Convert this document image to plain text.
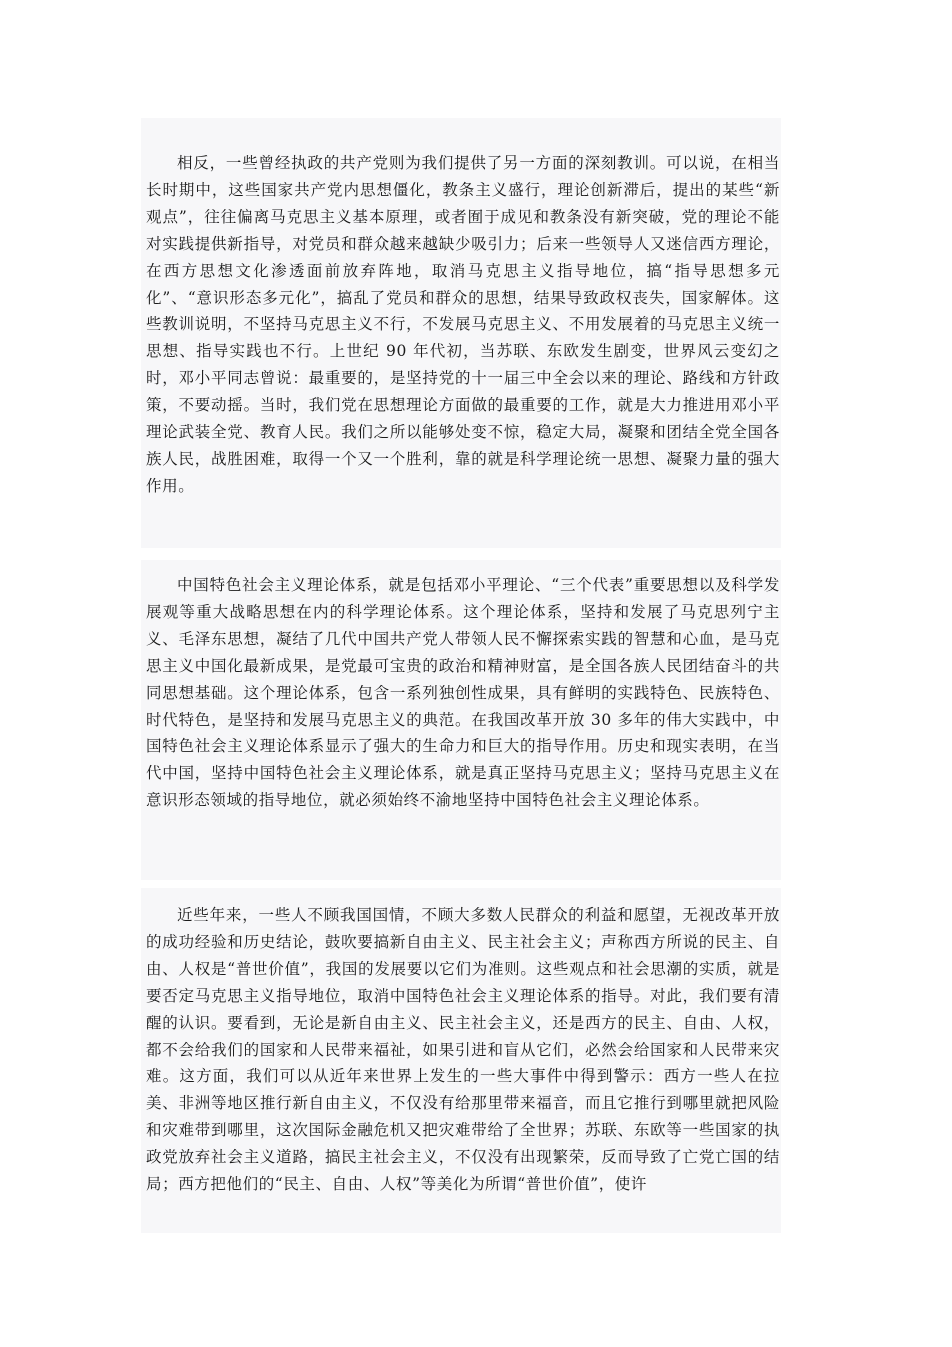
相反，一些曾经执政的共产党则为我们提供了另一方面的深刻教训。可以说，在相当长时期中，这些国家共产党内思想僵化，教条主义盛行，理论创新滞后，提出的某些“新观点”，往往偏离马克思主义基本原理，或者囿于成见和教条没有新突破，党的理论不能对实践提供新指导，对党员和群众越来越缺少吸引力；后来一些领导人又迷信西方理论，在西方思想文化渗透面前放弃阵地，取消马克思主义指导地位，搞“指导思想多元化”、“意识形态多元化”，搞乱了党员和群众的思想，结果导致政权丧失，国家解体。这些教训说明，不坚持马克思主义不行，不发展马克思主义、不用发展着的马克思主义统一思想、指导实践也不行。上世纪 90 年代初，当苏联、东欧发生剧变，世界风云变幻之时，邓小平同志曾说：最重要的，是坚持党的十一届三中全会以来的理论、路线和方针政策，不要动摇。当时，我们党在思想理论方面做的最重要的工作，就是大力推进用邓小平理论武装全党、教育人民。我们之所以能够处变不惊，稳定大局，凝聚和团结全党全国各族人民，战胜困难，取得一个又一个胜利，靠的就是科学理论统一思想、凝聚力量的强大作用。

中国特色社会主义理论体系，就是包括邓小平理论、“三个代表”重要思想以及科学发展观等重大战略思想在内的科学理论体系。这个理论体系，坚持和发展了马克思列宁主义、毛泽东思想，凝结了几代中国共产党人带领人民不懈探索实践的智慧和心血，是马克思主义中国化最新成果，是党最可宝贵的政治和精神财富，是全国各族人民团结奋斗的共同思想基础。这个理论体系，包含一系列独创性成果，具有鲜明的实践特色、民族特色、时代特色，是坚持和发展马克思主义的典范。在我国改革开放 30 多年的伟大实践中，中国特色社会主义理论体系显示了强大的生命力和巨大的指导作用。历史和现实表明，在当代中国，坚持中国特色社会主义理论体系，就是真正坚持马克思主义；坚持马克思主义在意识形态领域的指导地位，就必须始终不渝地坚持中国特色社会主义理论体系。

近些年来，一些人不顾我国国情，不顾大多数人民群众的利益和愿望，无视改革开放的成功经验和历史结论，鼓吹要搞新自由主义、民主社会主义；声称西方所说的民主、自由、人权是“普世价值”，我国的发展要以它们为准则。这些观点和社会思潮的实质，就是要否定马克思主义指导地位，取消中国特色社会主义理论体系的指导。对此，我们要有清醒的认识。要看到，无论是新自由主义、民主社会主义，还是西方的民主、自由、人权，都不会给我们的国家和人民带来福祉，如果引进和盲从它们，必然会给国家和人民带来灾难。这方面，我们可以从近年来世界上发生的一些大事件中得到警示：西方一些人在拉美、非洲等地区推行新自由主义，不仅没有给那里带来福音，而且它推行到哪里就把风险和灾难带到哪里，这次国际金融危机又把灾难带给了全世界；苏联、东欧等一些国家的执政党放弃社会主义道路，搞民主社会主义，不仅没有出现繁荣，反而导致了亡党亡国的结局；西方把他们的“民主、自由、人权”等美化为所谓“普世价值”，使许
